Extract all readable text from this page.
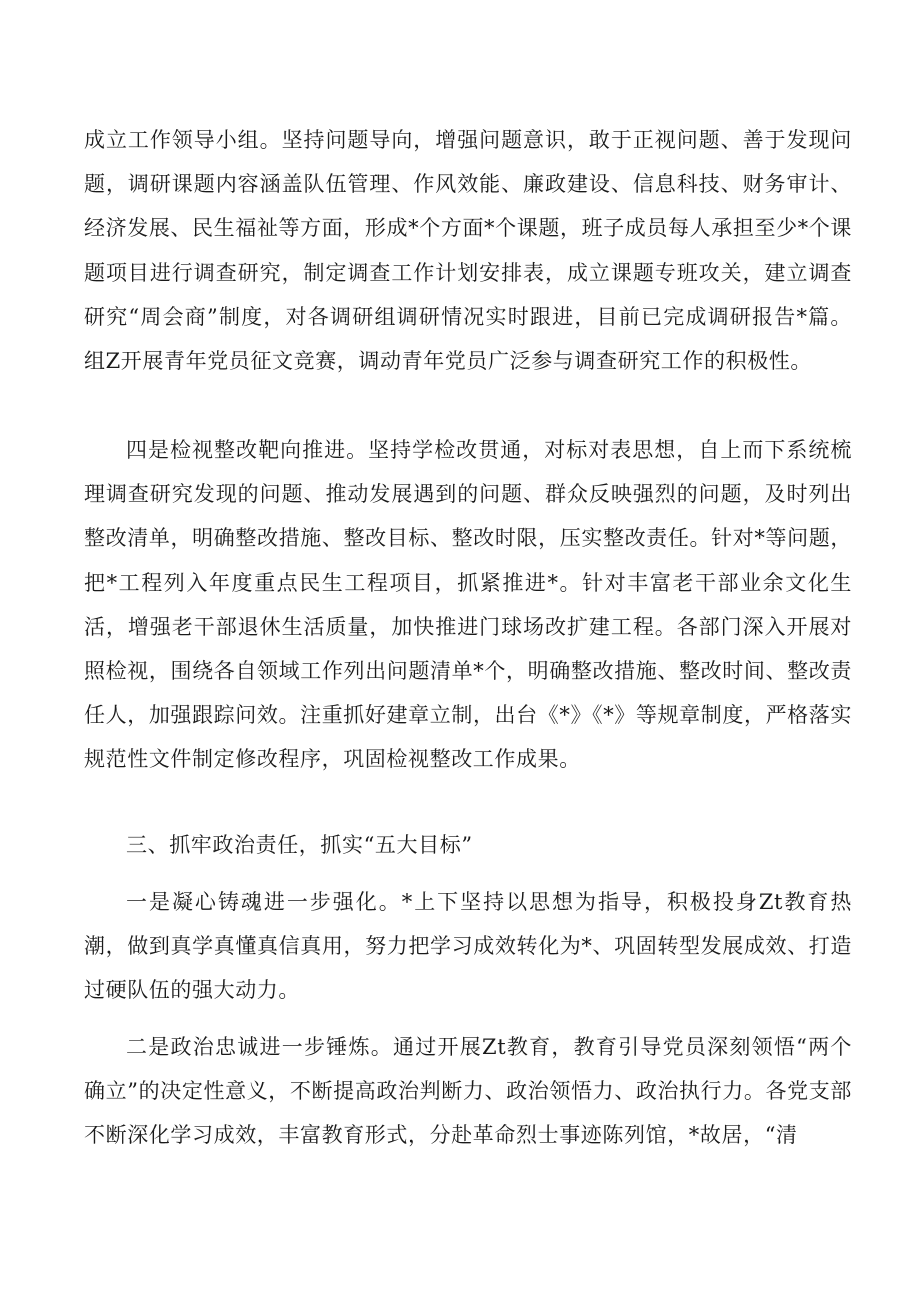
成立工作领导小组。坚持问题导向，增强问题意识，敢于正视问题、善于发现问题，调研课题内容涵盖队伍管理、作风效能、廉政建设、信息科技、财务审计、经济发展、民生福祉等方面，形成*个方面*个课题，班子成员每人承担至少*个课题项目进行调查研究，制定调查工作计划安排表，成立课题专班攻关，建立调查研究“周会商”制度，对各调研组调研情况实时跟进，目前已完成调研报告*篇。组Z开展青年党员征文竞赛，调动青年党员广泛参与调查研究工作的积极性。

四是检视整改靶向推进。坚持学检改贯通，对标对表思想，自上而下系统梳理调查研究发现的问题、推动发展遇到的问题、群众反映强烈的问题，及时列出整改清单，明确整改措施、整改目标、整改时限，压实整改责任。针对*等问题，把*工程列入年度重点民生工程项目，抓紧推进*。针对丰富老干部业余文化生活，增强老干部退休生活质量，加快推进门球场改扩建工程。各部门深入开展对照检视，围绕各自领域工作列出问题清单*个，明确整改措施、整改时间、整改责任人，加强跟踪问效。注重抓好建章立制，出台《*》《*》等规章制度，严格落实规范性文件制定修改程序，巩固检视整改工作成果。

三、抓牢政治责任，抓实“五大目标”

一是凝心铸魂进一步强化。*上下坚持以思想为指导，积极投身Zt教育热潮，做到真学真懂真信真用，努力把学习成效转化为*、巩固转型发展成效、打造过硬队伍的强大动力。

二是政治忠诚进一步锤炼。通过开展Zt教育，教育引导党员深刻领悟“两个确立”的决定性意义，不断提高政治判断力、政治领悟力、政治执行力。各党支部不断深化学习成效，丰富教育形式，分赴革命烈士事迹陈列馆，*故居，“清
